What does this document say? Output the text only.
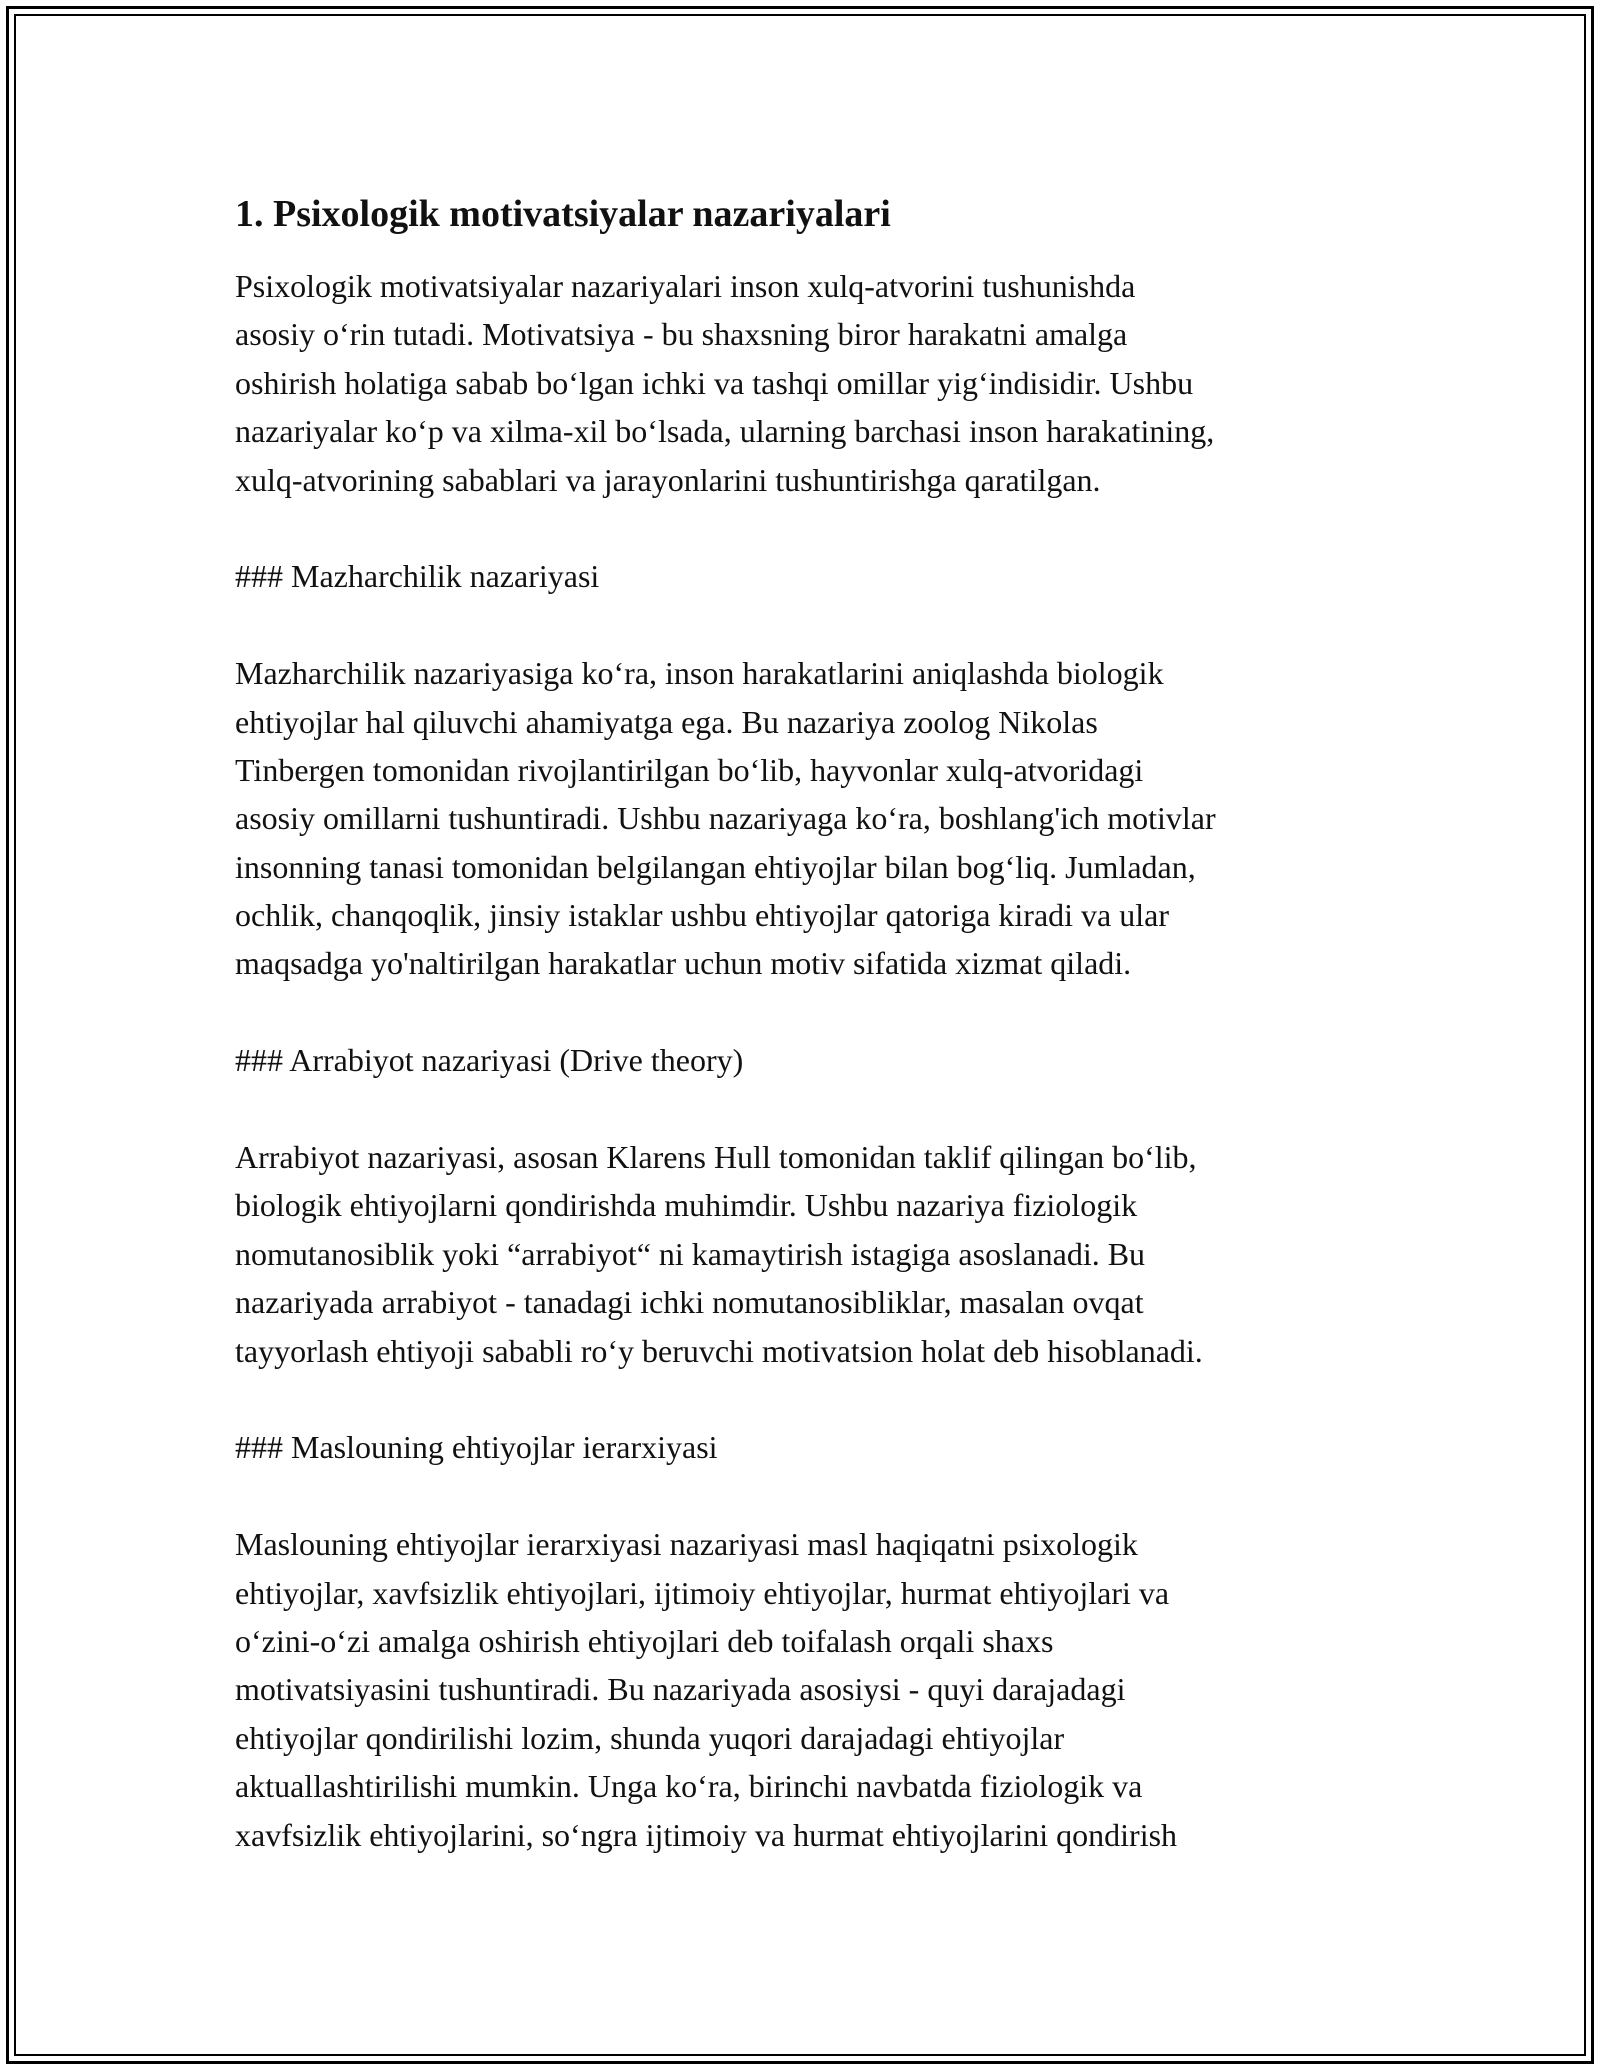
1. Psixologik motivatsiyalar nazariyalari
Psixologik motivatsiyalar nazariyalari inson xulq-atvorini tushunishda
asosiy o‘rin tutadi. Motivatsiya - bu shaxsning biror harakatni amalga
oshirish holatiga sabab bo‘lgan ichki va tashqi omillar yig‘indisidir. Ushbu
nazariyalar ko‘p va xilma-xil bo‘lsada, ularning barchasi inson harakatining,
xulq-atvorining sabablari va jarayonlarini tushuntirishga qaratilgan.
### Mazharchilik nazariyasi
Mazharchilik nazariyasiga ko‘ra, inson harakatlarini aniqlashda biologik
ehtiyojlar hal qiluvchi ahamiyatga ega. Bu nazariya zoolog Nikolas
Tinbergen tomonidan rivojlantirilgan bo‘lib, hayvonlar xulq-atvoridagi
asosiy omillarni tushuntiradi. Ushbu nazariyaga ko‘ra, boshlang'ich motivlar
insonning tanasi tomonidan belgilangan ehtiyojlar bilan bog‘liq. Jumladan,
ochlik, chanqoqlik, jinsiy istaklar ushbu ehtiyojlar qatoriga kiradi va ular
maqsadga yo'naltirilgan harakatlar uchun motiv sifatida xizmat qiladi.
### Arrabiyot nazariyasi (Drive theory)
Arrabiyot nazariyasi, asosan Klarens Hull tomonidan taklif qilingan bo‘lib,
biologik ehtiyojlarni qondirishda muhimdir. Ushbu nazariya fiziologik
nomutanosiblik yoki “arrabiyot“ ni kamaytirish istagiga asoslanadi. Bu
nazariyada arrabiyot - tanadagi ichki nomutanosibliklar, masalan ovqat
tayyorlash ehtiyoji sababli ro‘y beruvchi motivatsion holat deb hisoblanadi.
### Maslouning ehtiyojlar ierarxiyasi
Maslouning ehtiyojlar ierarxiyasi nazariyasi masl haqiqatni psixologik
ehtiyojlar, xavfsizlik ehtiyojlari, ijtimoiy ehtiyojlar, hurmat ehtiyojlari va
o‘zini-o‘zi amalga oshirish ehtiyojlari deb toifalash orqali shaxs
motivatsiyasini tushuntiradi. Bu nazariyada asosiysi - quyi darajadagi
ehtiyojlar qondirilishi lozim, shunda yuqori darajadagi ehtiyojlar
aktuallashtirilishi mumkin. Unga ko‘ra, birinchi navbatda fiziologik va
xavfsizlik ehtiyojlarini, so‘ngra ijtimoiy va hurmat ehtiyojlarini qondirish
